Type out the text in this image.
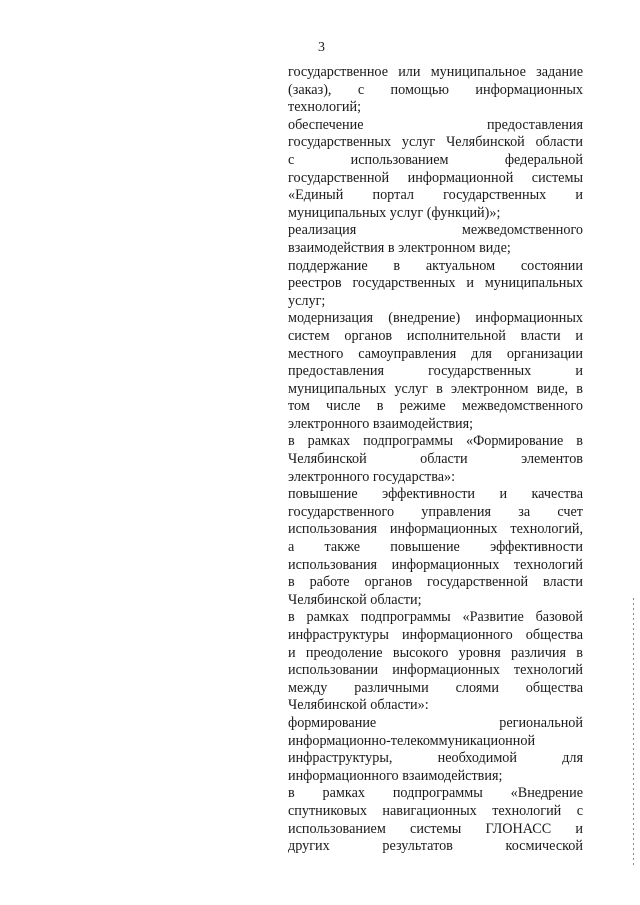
3
государственное или муниципальное задание
(заказ), с помощью информационных
технологий;
обеспечение предоставления
государственных услуг Челябинской области
с использованием федеральной
государственной информационной системы
«Единый портал государственных и
муниципальных услуг (функций)»;
реализация межведомственного
взаимодействия в электронном виде;
поддержание в актуальном состоянии
реестров государственных и муниципальных
услуг;
модернизация (внедрение) информационных
систем органов исполнительной власти и
местного самоуправления для организации
предоставления государственных и
муниципальных услуг в электронном виде, в
том числе в режиме межведомственного
электронного взаимодействия;
в рамках подпрограммы «Формирование в
Челябинской области элементов
электронного государства»:
повышение эффективности и качества
государственного управления за счет
использования информационных технологий,
а также повышение эффективности
использования информационных технологий
в работе органов государственной власти
Челябинской области;
в рамках подпрограммы «Развитие базовой
инфраструктуры информационного общества
и преодоление высокого уровня различия в
использовании информационных технологий
между различными слоями общества
Челябинской области»:
формирование региональной
информационно-телекоммуникационной
инфраструктуры, необходимой для
информационного взаимодействия;
в рамках подпрограммы «Внедрение
спутниковых навигационных технологий с
использованием системы ГЛОНАСС и
других результатов космической
